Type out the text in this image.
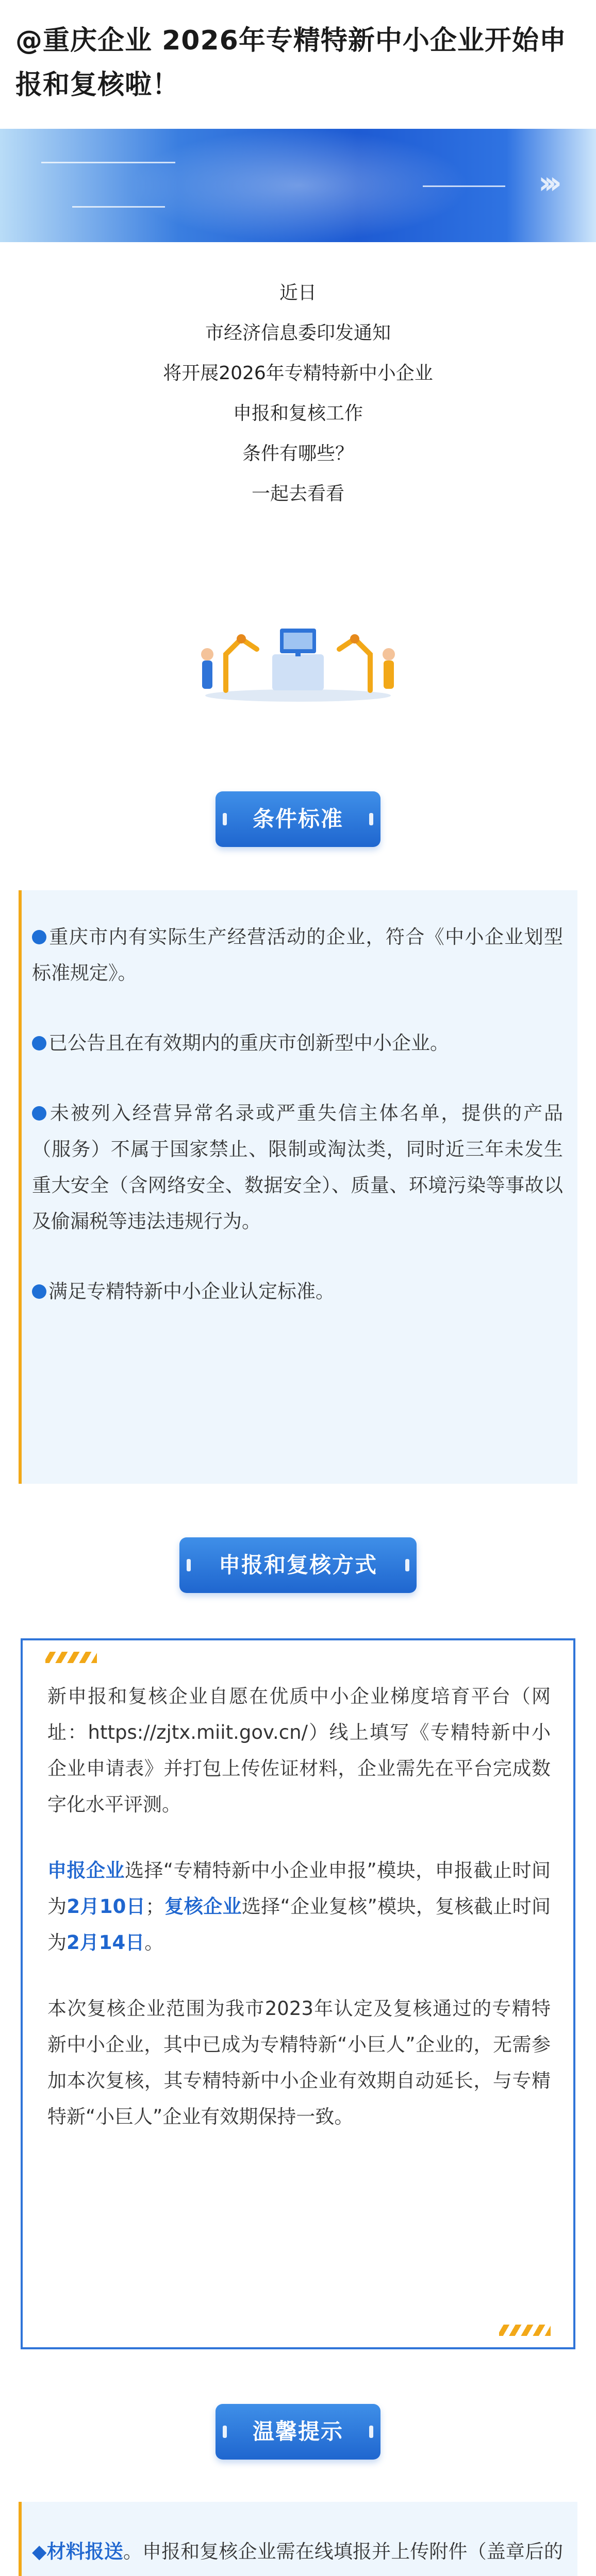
@重庆企业 2026年专精特新中小企业开始申报和复核啦！
›››
近日
市经济信息委印发通知
将开展2026年专精特新中小企业
申报和复核工作
条件有哪些？
一起去看看
条件标准
重庆市内有实际生产经营活动的企业，符合《中小企业划型标准规定》。
已公告且在有效期内的重庆市创新型中小企业。
未被列入经营异常名录或严重失信主体名单，提供的产品（服务）不属于国家禁止、限制或淘汰类，同时近三年未发生重大安全（含网络安全、数据安全）、质量、环境污染等事故以及偷漏税等违法违规行为。
满足专精特新中小企业认定标准。
申报和复核方式
新申报和复核企业自愿在优质中小企业梯度培育平台（网址：https://zjtx.miit.gov.cn/）线上填写《专精特新中小企业申请表》并打包上传佐证材料，企业需先在平台完成数字化水平评测。
申报企业选择“专精特新中小企业申报”模块，申报截止时间为2月10日；复核企业选择“企业复核”模块，复核截止时间为2月14日。
本次复核企业范围为我市2023年认定及复核通过的专精特新中小企业，其中已成为专精特新“小巨人”企业的，无需参加本次复核，其专精特新中小企业有效期自动延长，与专精特新“小巨人”企业有效期保持一致。
温馨提示
◆材料报送。申报和复核企业需在线填报并上传附件（盖章后的
